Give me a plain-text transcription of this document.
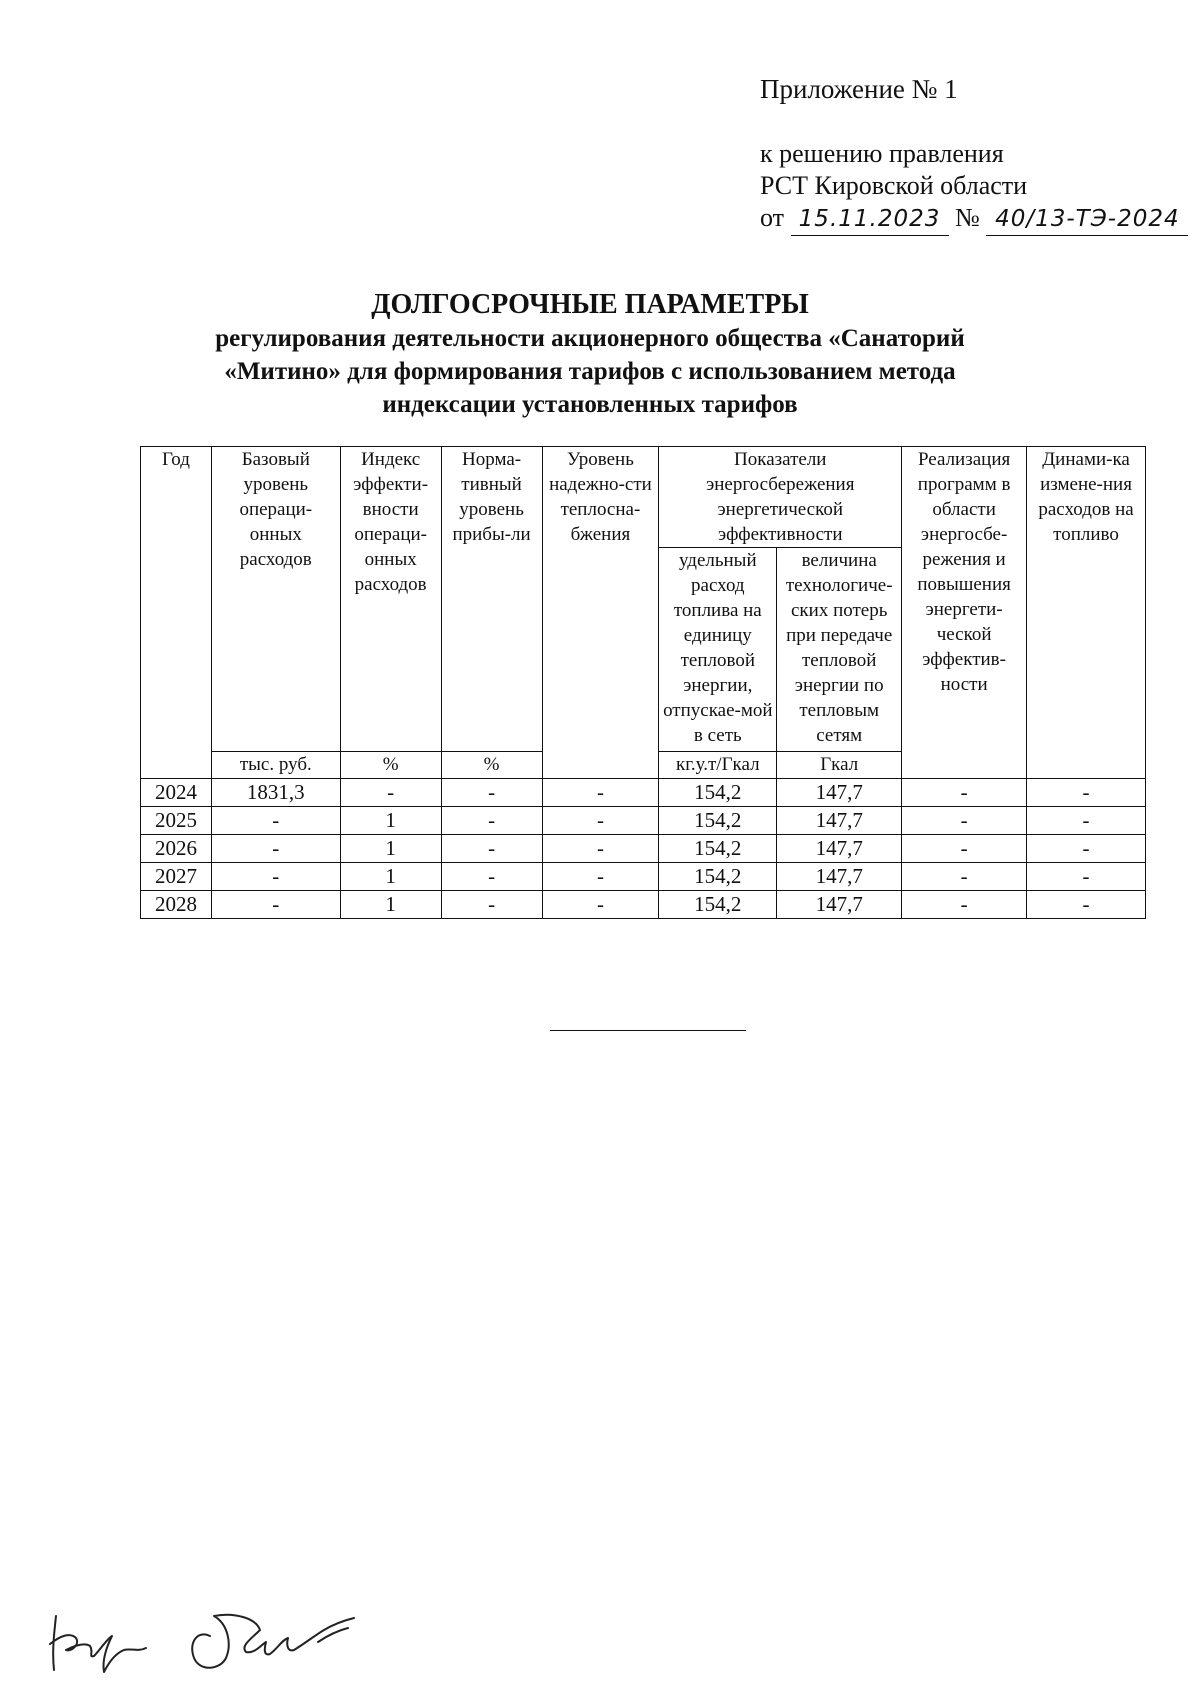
Приложение № 1
к решению правления
РСТ Кировской области
от 15.11.2023 № 40/13-ТЭ-2024
ДОЛГОСРОЧНЫЕ ПАРАМЕТРЫ
регулирования деятельности акционерного общества «Санаторий
«Митино» для формирования тарифов с использованием метода
индексации установленных тарифов
Год	Базовый уровень операци-онных расходов	Индекс эффекти-вности операци-онных расходов	Норма-тивный уровень прибы-ли	Уровень надежно-сти теплосна-бжения	Показатели энергосбережения энергетической эффективности		Реализация программ в области энергосбе-режения и повышения энергети-ческой эффектив-ности	Динами-ка измене-ния расходов на топливо
					удельный расход топлива на единицу тепловой энергии, отпускае-мой в сеть	величина технологиче-ских потерь при передаче тепловой энергии по тепловым сетям		
	тыс. руб.	%	%		кг.у.т/Гкал	Гкал		
2024	1831,3	-	-	-	154,2	147,7	-	-
2025	-	1	-	-	154,2	147,7	-	-
2026	-	1	-	-	154,2	147,7	-	-
2027	-	1	-	-	154,2	147,7	-	-
2028	-	1	-	-	154,2	147,7	-	-
